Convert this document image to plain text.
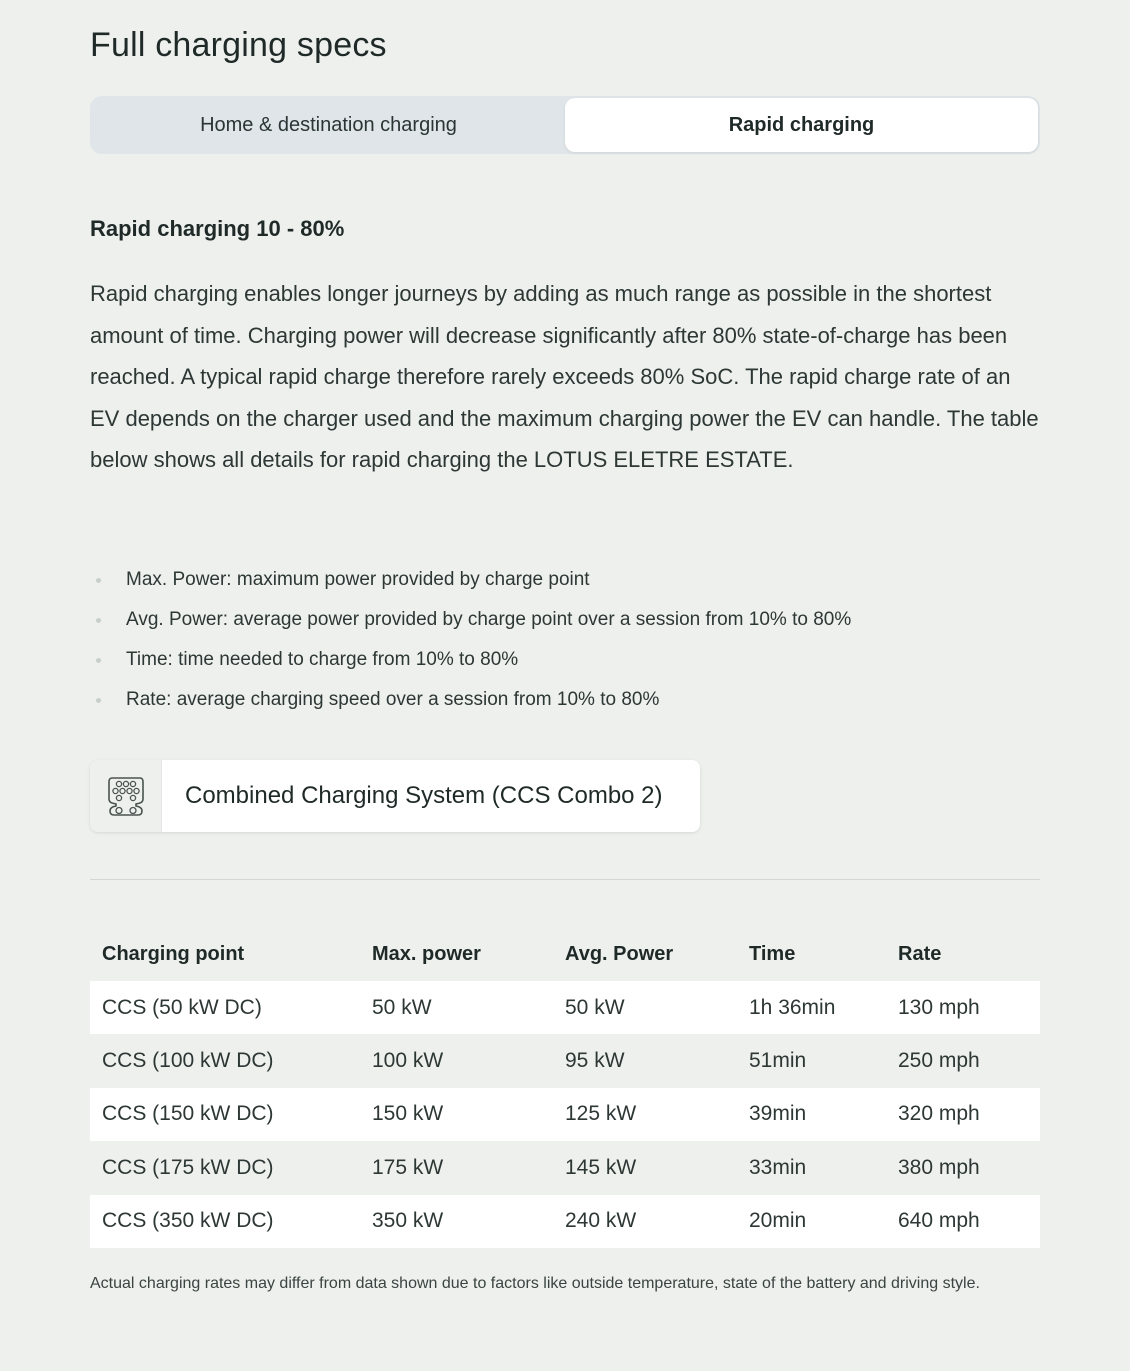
Full charging specs
Home & destination charging	Rapid charging
Rapid charging 10 - 80%

Rapid charging enables longer journeys by adding as much range as possible in the shortest amount of time. Charging power will decrease significantly after 80% state-of-charge has been reached. A typical rapid charge therefore rarely exceeds 80% SoC. The rapid charge rate of an EV depends on the charger used and the maximum charging power the EV can handle. The table below shows all details for rapid charging the LOTUS ELETRE ESTATE.

Max. Power: maximum power provided by charge point
Avg. Power: average power provided by charge point over a session from 10% to 80%
Time: time needed to charge from 10% to 80%
Rate: average charging speed over a session from 10% to 80%
Combined Charging System (CCS Combo 2)
Charging point	Max. power	Avg. Power	Time	Rate
CCS (50 kW DC)	50 kW	50 kW	1h 36min	130 mph
CCS (100 kW DC)	100 kW	95 kW	51min	250 mph
CCS (150 kW DC)	150 kW	125 kW	39min	320 mph
CCS (175 kW DC)	175 kW	145 kW	33min	380 mph
CCS (350 kW DC)	350 kW	240 kW	20min	640 mph

Actual charging rates may differ from data shown due to factors like outside temperature, state of the battery and driving style.
